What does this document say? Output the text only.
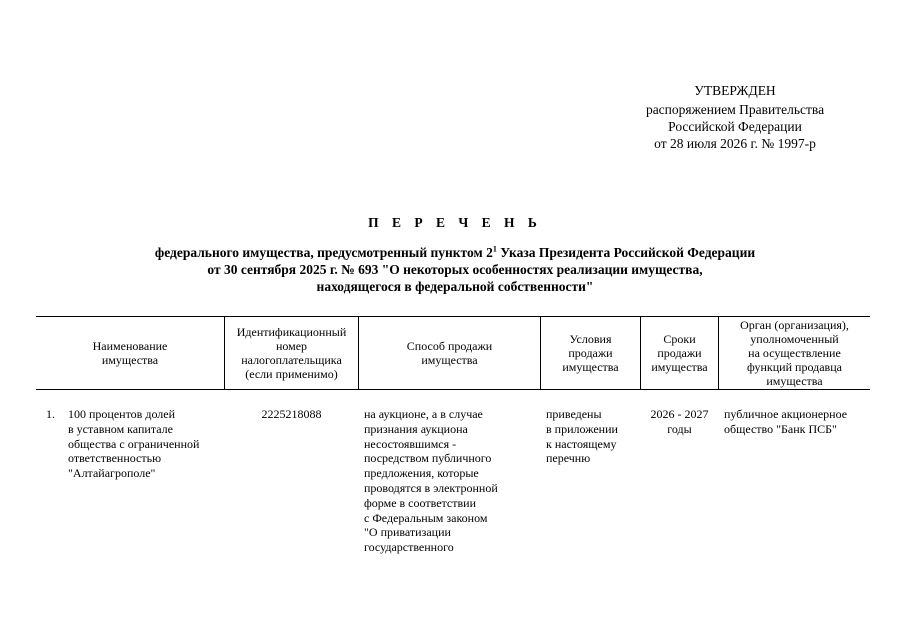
УТВЕРЖДЕН
распоряжением Правительства
Российской Федерации
от 28 июля 2026 г. № 1997-р
П Е Р Е Ч Е Н Ь
федерального имущества, предусмотренный пунктом $2^1$ Указа Президента Российской Федерации
от 30 сентября 2025 г. № 693 "О некоторых особенностях реализации имущества,
находящегося в федеральной собственности"
Наименование
имущества
Идентификационный
номер
налогоплательщика
(если применимо)
Способ продажи
имущества
Условия
продажи
имущества
Сроки
продажи
имущества
Орган (организация),
уполномоченный
на осуществление
функций продавца
имущества
1.	100 процентов долей
в уставном капитале
общества с ограниченной
ответственностью
"Алтайагрополе"
2225218088	на аукционе, а в случае
признания аукциона
несостоявшимся -
посредством публичного
предложения, которые
проводятся в электронной
форме в соответствии
с Федеральным законом
"О приватизации
государственного
приведены
в приложении
к настоящему
перечню
2026 - 2027
годы
публичное акционерное
общество "Банк ПСБ"
